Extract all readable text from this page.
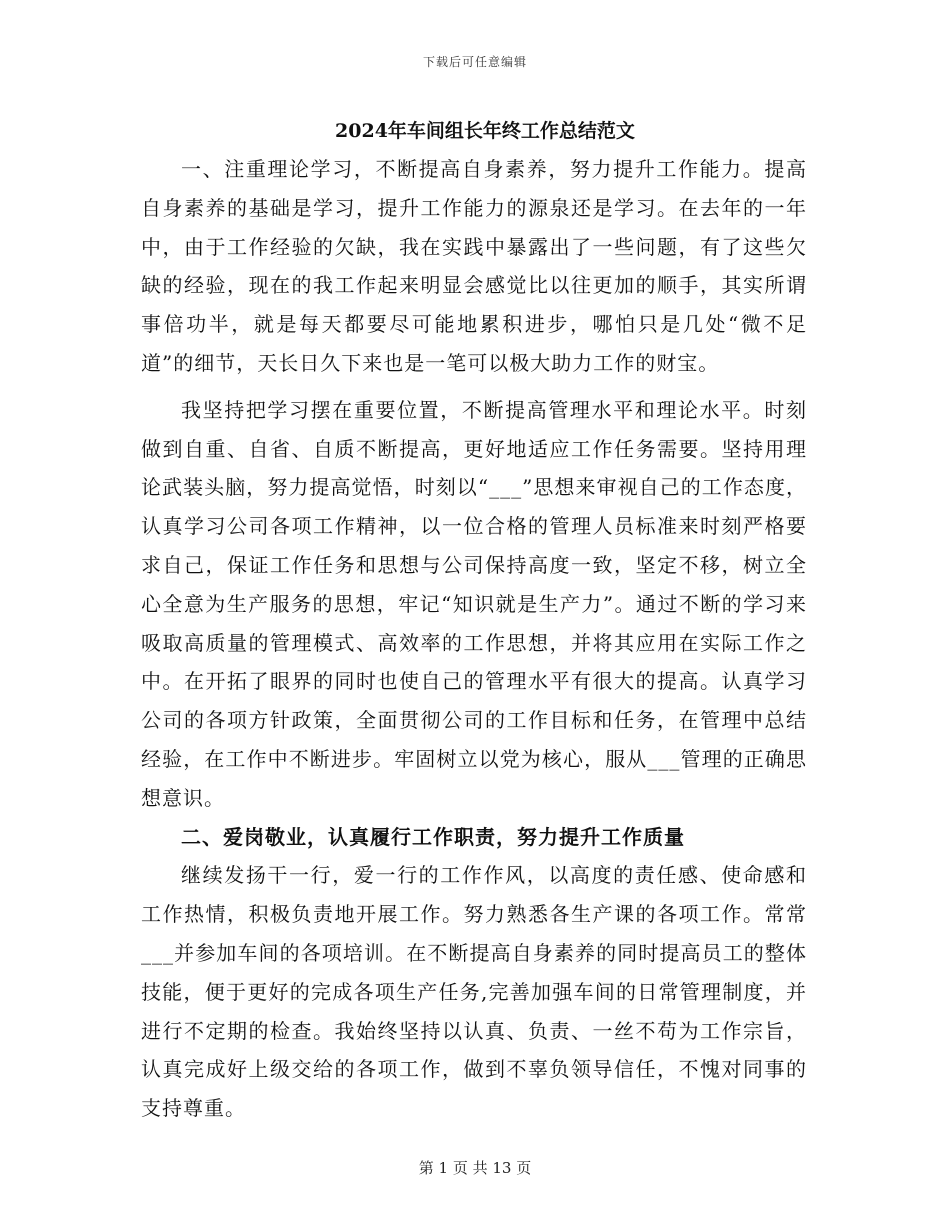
下载后可任意编辑
2024年车间组长年终工作总结范文

一、注重理论学习，不断提高自身素养，努力提升工作能力。提高自身素养的基础是学习，提升工作能力的源泉还是学习。在去年的一年中，由于工作经验的欠缺，我在实践中暴露出了一些问题，有了这些欠缺的经验，现在的我工作起来明显会感觉比以往更加的顺手，其实所谓事倍功半，就是每天都要尽可能地累积进步，哪怕只是几处“微不足道”的细节，天长日久下来也是一笔可以极大助力工作的财宝。

我坚持把学习摆在重要位置，不断提高管理水平和理论水平。时刻做到自重、自省、自质不断提高，更好地适应工作任务需要。坚持用理论武装头脑，努力提高觉悟，时刻以“___”思想来审视自己的工作态度，认真学习公司各项工作精神，以一位合格的管理人员标准来时刻严格要求自己，保证工作任务和思想与公司保持高度一致，坚定不移，树立全心全意为生产服务的思想，牢记“知识就是生产力”。通过不断的学习来吸取高质量的管理模式、高效率的工作思想，并将其应用在实际工作之中。在开拓了眼界的同时也使自己的管理水平有很大的提高。认真学习公司的各项方针政策，全面贯彻公司的工作目标和任务，在管理中总结经验，在工作中不断进步。牢固树立以党为核心，服从___管理的正确思想意识。

二、爱岗敬业，认真履行工作职责，努力提升工作质量

继续发扬干一行，爱一行的工作作风，以高度的责任感、使命感和工作热情，积极负责地开展工作。努力熟悉各生产课的各项工作。常常___并参加车间的各项培训。在不断提高自身素养的同时提高员工的整体技能，便于更好的完成各项生产任务,完善加强车间的日常管理制度，并进行不定期的检查。我始终坚持以认真、负责、一丝不苟为工作宗旨，认真完成好上级交给的各项工作，做到不辜负领导信任，不愧对同事的支持尊重。

第 1 页 共 13 页
